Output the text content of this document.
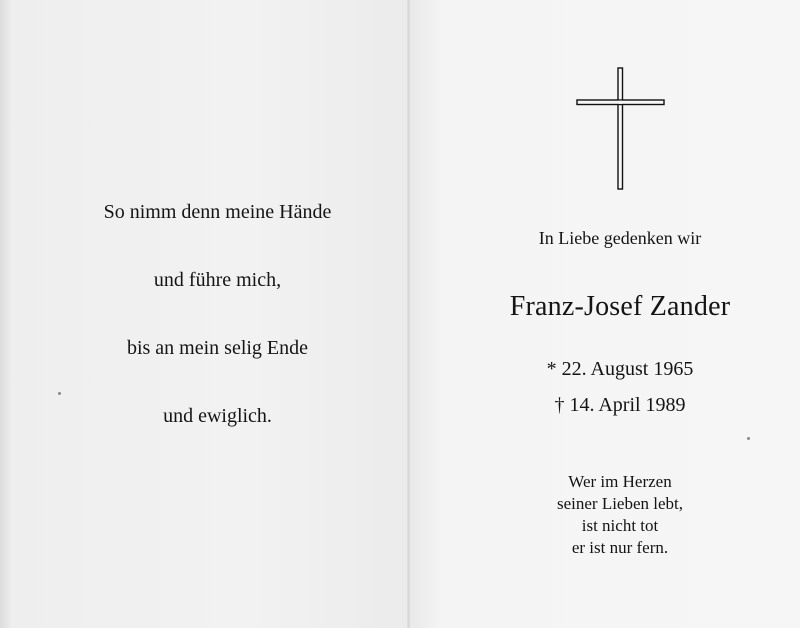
So nimm denn meine Hände
und führe mich,
bis an mein selig Ende
und ewiglich.
In Liebe gedenken wir
Franz-Josef Zander
* 22. August 1965
† 14. April 1989
Wer im Herzen
seiner Lieben lebt,
ist nicht tot
er ist nur fern.
